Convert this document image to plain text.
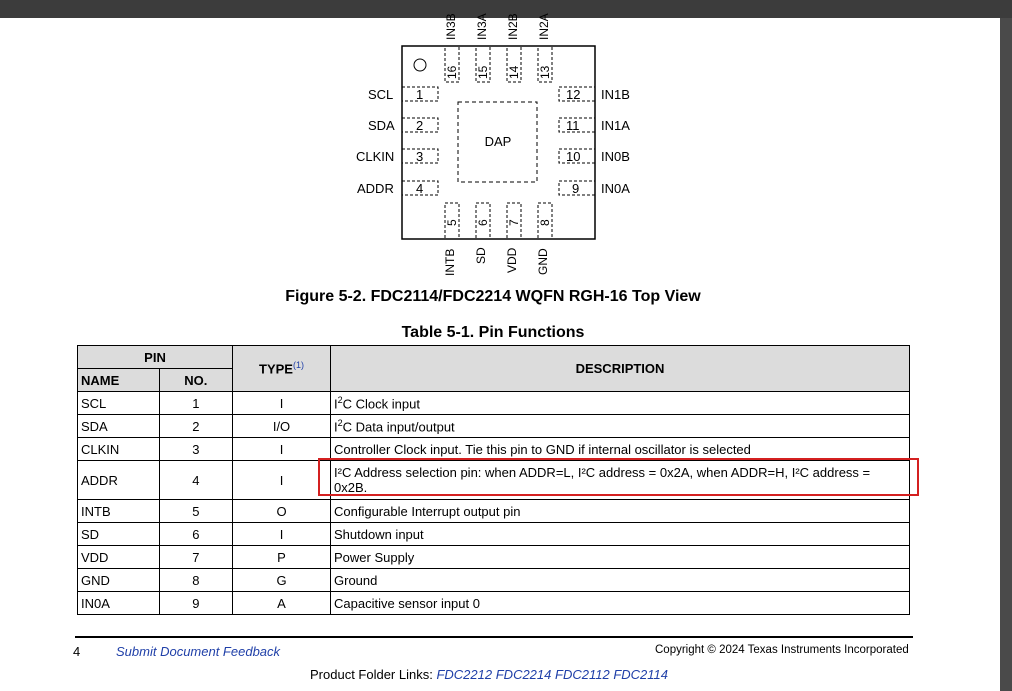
DAP
SCL
SDA
CLKIN
ADDR
1
2
3
4
12
11
10
9
IN1B
IN1A
IN0B
IN0A
IN3B IN3A IN2B IN2A
16 15 14 13
5 6 7 8
INTB SD VDD GND
Figure 5-2. FDC2114/FDC2214 WQFN RGH-16 Top View
Table 5-1. Pin Functions
PIN		TYPE$^{(1)}$	DESCRIPTION
NAME	NO.		
SCL	1	I	$I^2C$ Clock input
SDA	2	I/O	$I^2C$ Data input/output
CLKIN	3	I	Controller Clock input. Tie this pin to GND if internal oscillator is selected
ADDR	4	I	I²C Address selection pin: when ADDR=L, I²C address = 0x2A, when ADDR=H, I²C address = 0x2B.
INTB	5	O	Configurable Interrupt output pin
SD	6	I	Shutdown input
VDD	7	P	Power Supply
GND	8	G	Ground
IN0A	9	A	Capacitive sensor input 0
4	Submit Document Feedback	Copyright © 2024 Texas Instruments Incorporated
Product Folder Links: FDC2212 FDC2214 FDC2112 FDC2114
